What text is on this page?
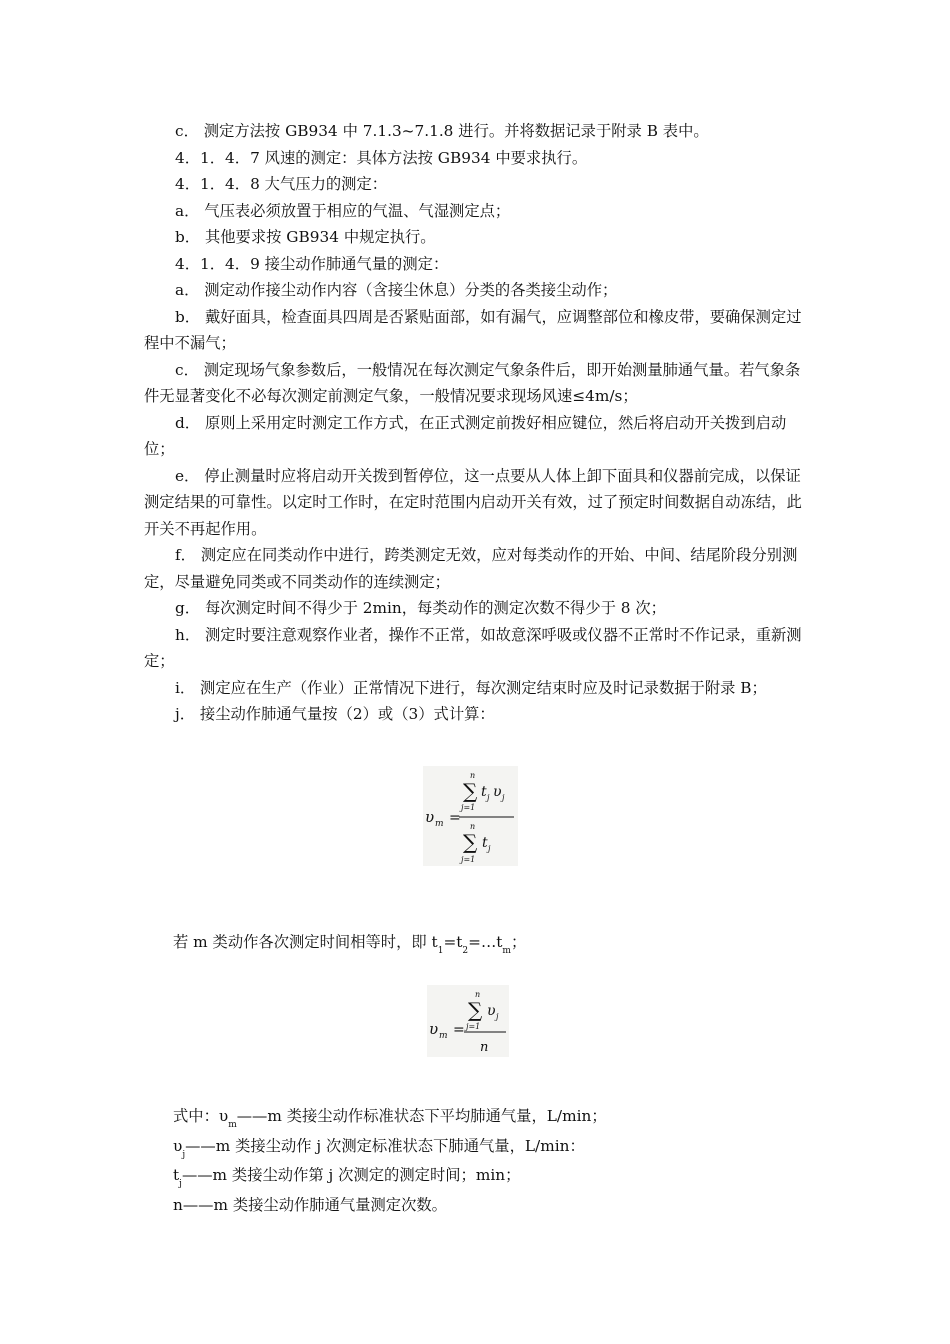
c． 测定方法按 GB934 中 7.1.3~7.1.8 进行。并将数据记录于附录 B 表中。

4．1．4．7 风速的测定：具体方法按 GB934 中要求执行。

4．1．4．8 大气压力的测定：

a． 气压表必须放置于相应的气温、气湿测定点；

b． 其他要求按 GB934 中规定执行。

4．1．4．9 接尘动作肺通气量的测定：

a． 测定动作接尘动作内容（含接尘休息）分类的各类接尘动作；

b． 戴好面具，检查面具四周是否紧贴面部，如有漏气，应调整部位和橡皮带，要确保测定过程中不漏气；

c． 测定现场气象参数后，一般情况在每次测定气象条件后，即开始测量肺通气量。若气象条件无显著变化不必每次测定前测定气象，一般情况要求现场风速≤4m/s；

d． 原则上采用定时测定工作方式，在正式测定前拨好相应键位，然后将启动开关拨到启动位；

e． 停止测量时应将启动开关拨到暂停位，这一点要从人体上卸下面具和仪器前完成，以保证测定结果的可靠性。以定时工作时，在定时范围内启动开关有效，过了预定时间数据自动冻结，此开关不再起作用。

f． 测定应在同类动作中进行，跨类测定无效，应对每类动作的开始、中间、结尾阶段分别测定，尽量避免同类或不同类动作的连续测定；

g． 每次测定时间不得少于 2min，每类动作的测定次数不得少于 8 次；

h． 测定时要注意观察作业者，操作不正常，如故意深呼吸或仪器不正常时不作记录，重新测定；

i． 测定应在生产（作业）正常情况下进行，每次测定结束时应及时记录数据于附录 B；

j． 接尘动作肺通气量按（2）或（3）式计算：

υ m =
n
∑
j=1
t j υ j
n
∑
j=1
t j
若 m 类动作各次测定时间相等时，即 $t_1=t_2=\dots t_m$；
υ m =
n
∑
j=1
υ j
n

式中：$\upsilon_m——m$ 类接尘动作标准状态下平均肺通气量，L/min；

$\upsilon_j——m$ 类接尘动作 j 次测定标准状态下肺通气量，L/min：

$t_j——m$ 类接尘动作第 j 次测定的测定时间；min；

n——m 类接尘动作肺通气量测定次数。
